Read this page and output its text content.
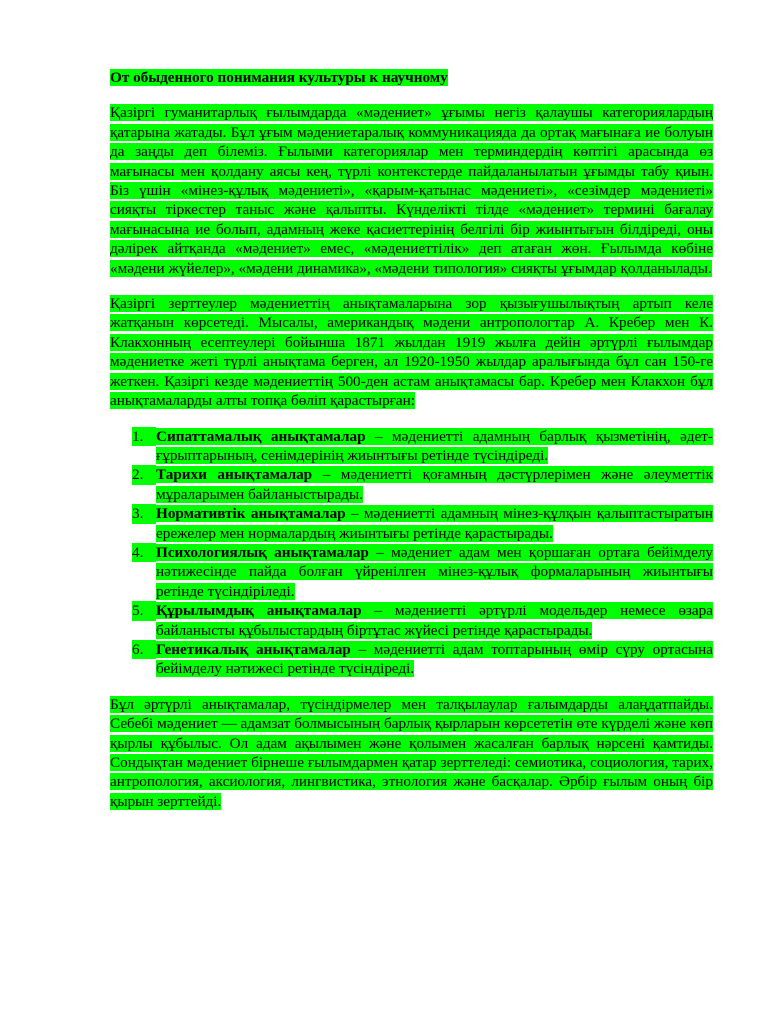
От обыденного понимания культуры к научному

Қазіргі гуманитарлық ғылымдарда «мәдениет» ұғымы негіз қалаушы категориялардың қатарына жатады. Бұл ұғым мәдениетаралық коммуникацияда да ортақ мағынаға ие болуын да заңды деп білеміз. Ғылыми категориялар мен терминдердің көптігі арасында өз мағынасы мен қолдану аясы кең, түрлі контекстерде пайдаланылатын ұғымды табу қиын. Біз үшін «мінез-құлық мәдениеті», «қарым-қатынас мәдениеті», «сезімдер мәдениеті» сияқты тіркестер таныс және қалыпты. Күнделікті тілде «мәдениет» термині бағалау мағынасына ие болып, адамның жеке қасиеттерінің белгілі бір жиынтығын білдіреді, оны дәлірек айтқанда «мәдениет» емес, «мәдениеттілік» деп атаған жөн. Ғылымда көбіне «мәдени жүйелер», «мәдени динамика», «мәдени типология» сияқты ұғымдар қолданылады.

Қазіргі зерттеулер мәдениеттің анықтамаларына зор қызығушылықтың артып келе жатқанын көрсетеді. Мысалы, американдық мәдени антропологтар А. Кребер мен К. Клакхонның есептеулері бойынша 1871 жылдан 1919 жылға дейін әртүрлі ғылымдар мәдениетке жеті түрлі анықтама берген, ал 1920-1950 жылдар аралығында бұл сан 150-ге жеткен. Қазіргі кезде мәдениеттің 500-ден астам анықтамасы бар. Кребер мен Клакхон бұл анықтамаларды алты топқа бөліп қарастырған:

1. Сипаттамалық анықтамалар – мәдениетті адамның барлық қызметінің, әдет-ғұрыптарының, сенімдерінің жиынтығы ретінде түсіндіреді.
2. Тарихи анықтамалар – мәдениетті қоғамның дәстүрлерімен және әлеуметтік мұраларымен байланыстырады.
3. Нормативтік анықтамалар – мәдениетті адамның мінез-құлқын қалыптастыратын ережелер мен нормалардың жиынтығы ретінде қарастырады.
4. Психологиялық анықтамалар – мәдениет адам мен қоршаған ортаға бейімделу нәтижесінде пайда болған үйренілген мінез-құлық формаларының жиынтығы ретінде түсіндіріледі.
5. Құрылымдық анықтамалар – мәдениетті әртүрлі модельдер немесе өзара байланысты құбылыстардың біртұтас жүйесі ретінде қарастырады.
6. Генетикалық анықтамалар – мәдениетті адам топтарының өмір сүру ортасына бейімделу нәтижесі ретінде түсіндіреді.

Бұл әртүрлі анықтамалар, түсіндірмелер мен талқылаулар ғалымдарды алаңдатпайды. Себебі мәдениет — адамзат болмысының барлық қырларын көрсететін өте күрделі және көп қырлы құбылыс. Ол адам ақылымен және қолымен жасалған барлық нәрсені қамтиды. Сондықтан мәдениет бірнеше ғылымдармен қатар зерттеледі: семиотика, социология, тарих, антропология, аксиология, лингвистика, этнология және басқалар. Әрбір ғылым оның бір қырын зерттейді.
